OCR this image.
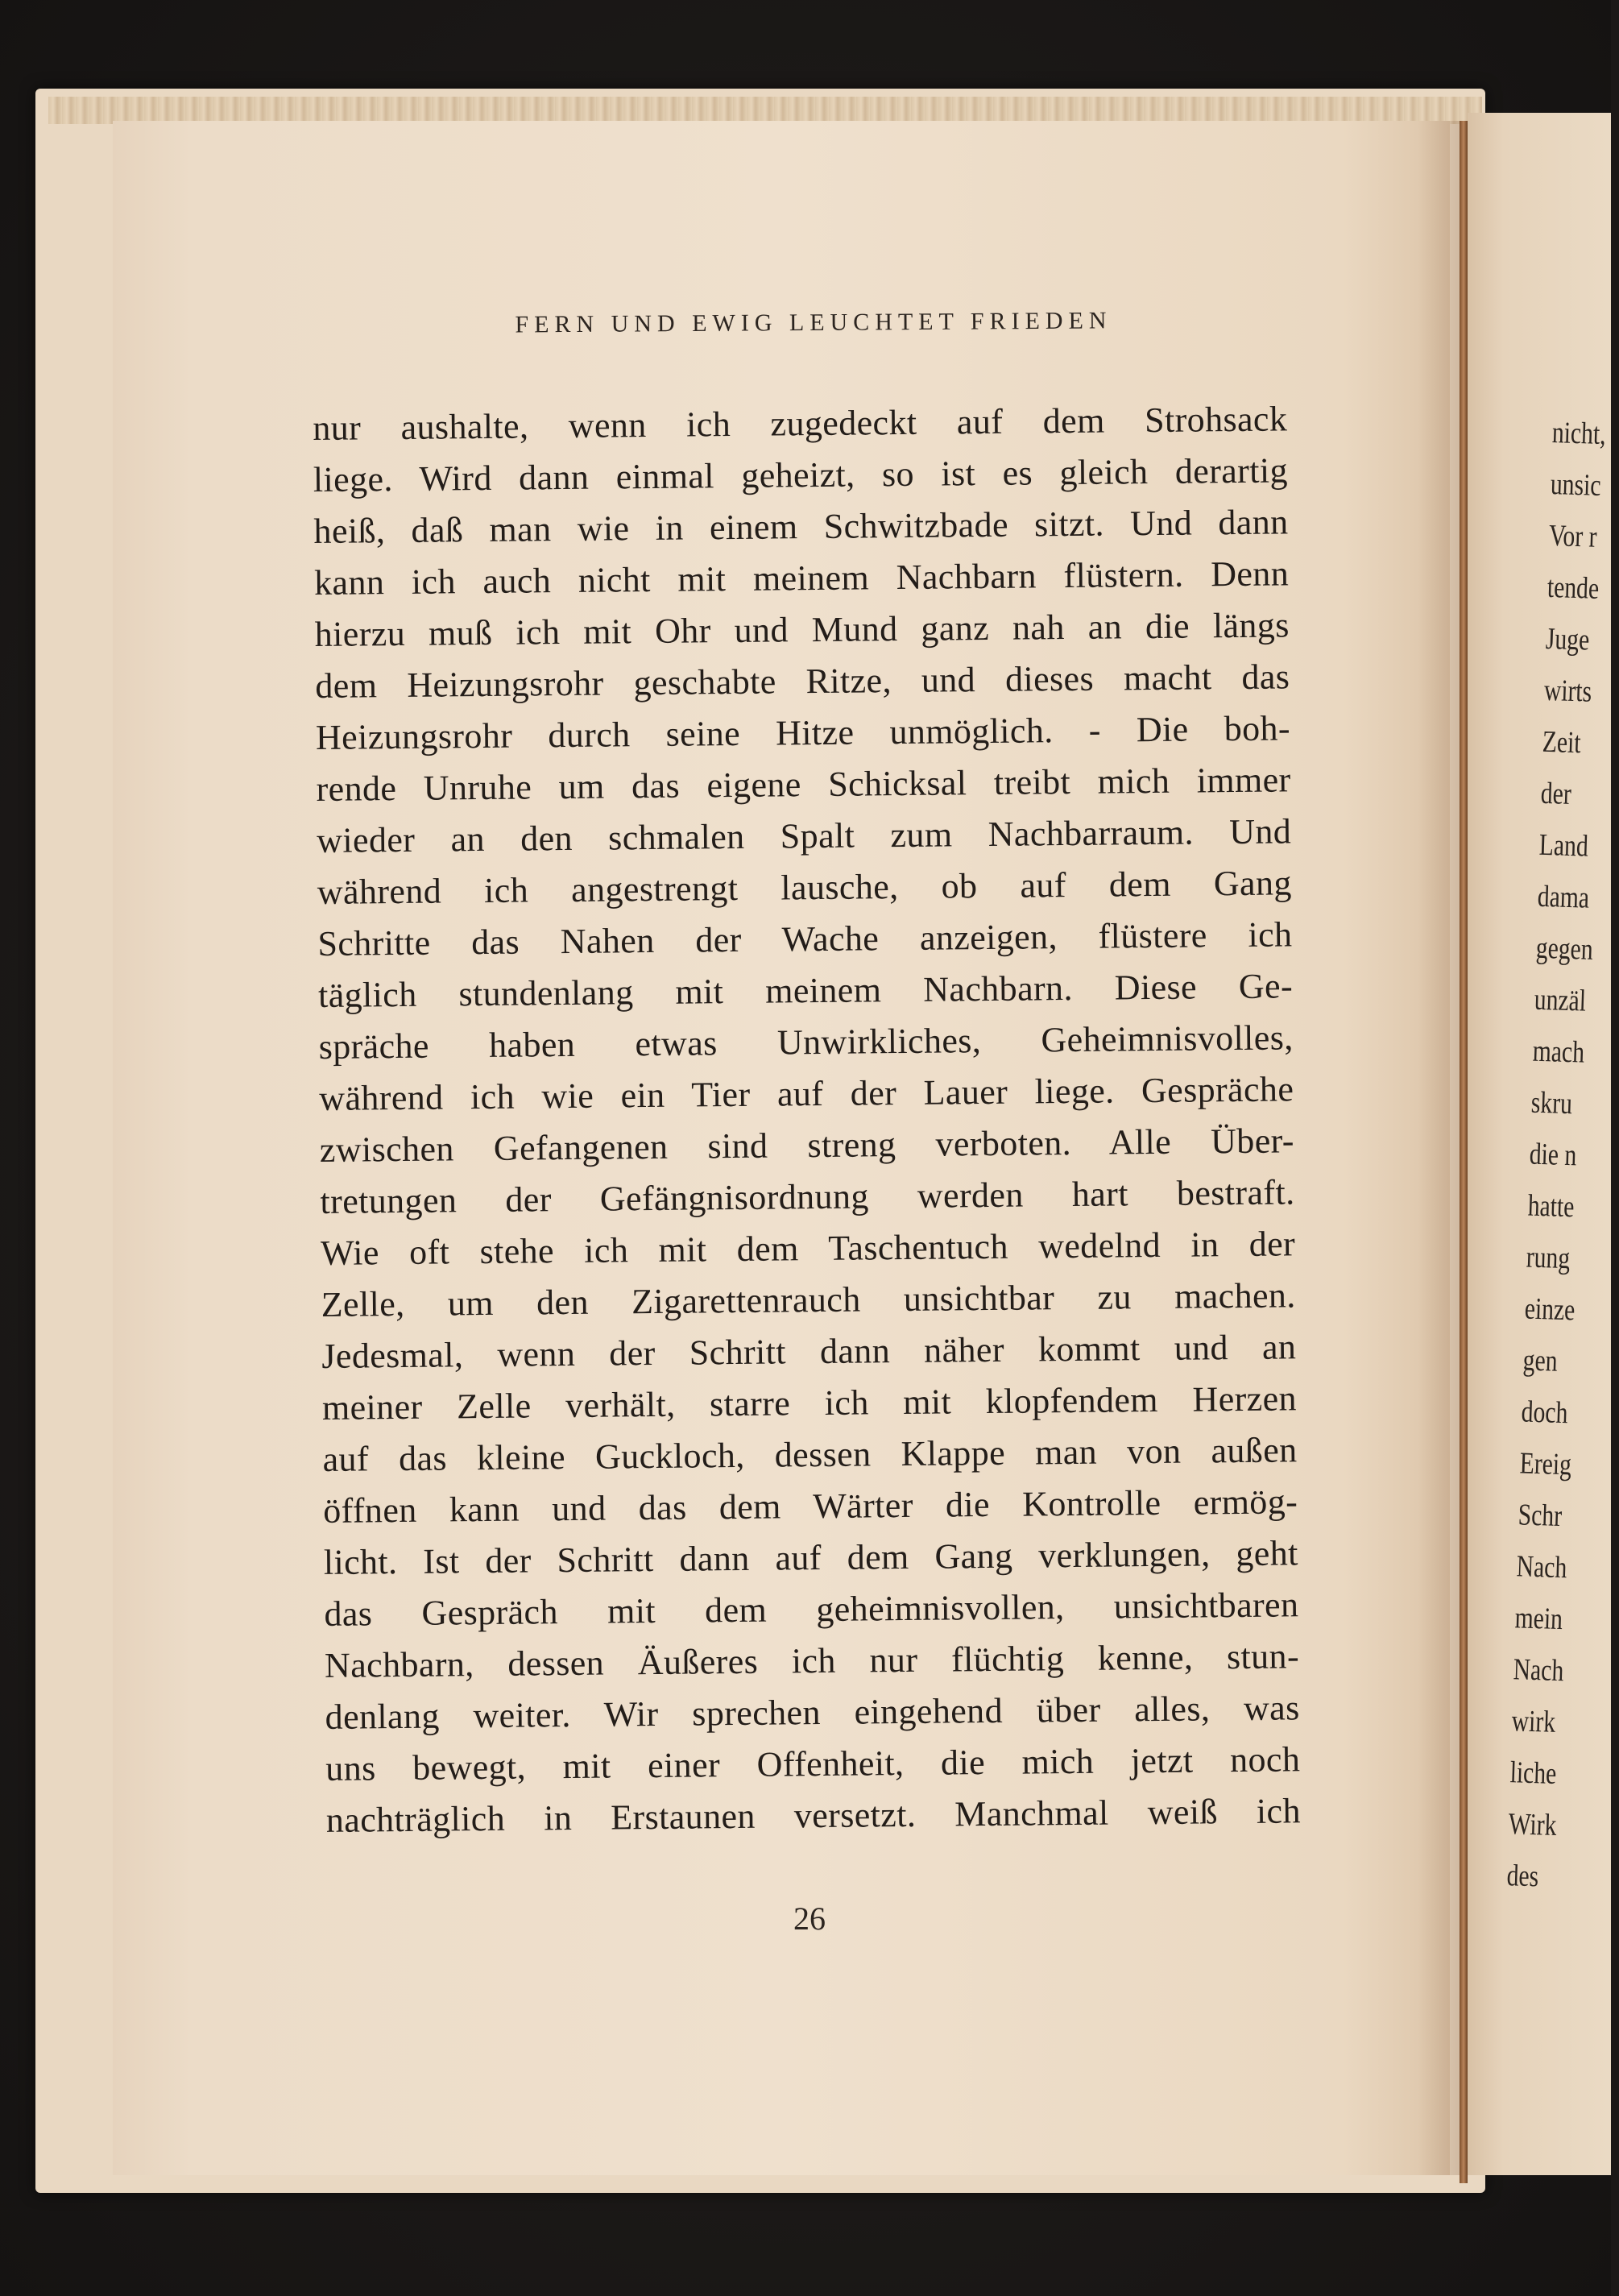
FERN UND EWIG LEUCHTET FRIEDEN
nur aushalte, wenn ich zugedeckt auf dem Strohsack
liege. Wird dann einmal geheizt, so ist es gleich derartig
heiß, daß man wie in einem Schwitzbade sitzt. Und dann
kann ich auch nicht mit meinem Nachbarn flüstern. Denn
hierzu muß ich mit Ohr und Mund ganz nah an die längs
dem Heizungsrohr geschabte Ritze, und dieses macht das
Heizungsrohr durch seine Hitze unmöglich. - Die boh-
rende Unruhe um das eigene Schicksal treibt mich immer
wieder an den schmalen Spalt zum Nachbarraum. Und
während ich angestrengt lausche, ob auf dem Gang
Schritte das Nahen der Wache anzeigen, flüstere ich
täglich stundenlang mit meinem Nachbarn. Diese Ge-
spräche haben etwas Unwirkliches, Geheimnisvolles,
während ich wie ein Tier auf der Lauer liege. Gespräche
zwischen Gefangenen sind streng verboten. Alle Über-
tretungen der Gefängnisordnung werden hart bestraft.
Wie oft stehe ich mit dem Taschentuch wedelnd in der
Zelle, um den Zigarettenrauch unsichtbar zu machen.
Jedesmal, wenn der Schritt dann näher kommt und an
meiner Zelle verhält, starre ich mit klopfendem Herzen
auf das kleine Guckloch, dessen Klappe man von außen
öffnen kann und das dem Wärter die Kontrolle ermög-
licht. Ist der Schritt dann auf dem Gang verklungen, geht
das Gespräch mit dem geheimnisvollen, unsichtbaren
Nachbarn, dessen Äußeres ich nur flüchtig kenne, stun-
denlang weiter. Wir sprechen eingehend über alles, was
uns bewegt, mit einer Offenheit, die mich jetzt noch
nachträglich in Erstaunen versetzt. Manchmal weiß ich
26
nicht,
unsic
Vor r
tende
Juge
wirts
Zeit
der
Land
dama
gegen
unzäl
mach
skru
die n
hatte
rung
einze
gen
doch
Ereig
Schr
Nach
mein
Nach
wirk
liche
Wirk
des
